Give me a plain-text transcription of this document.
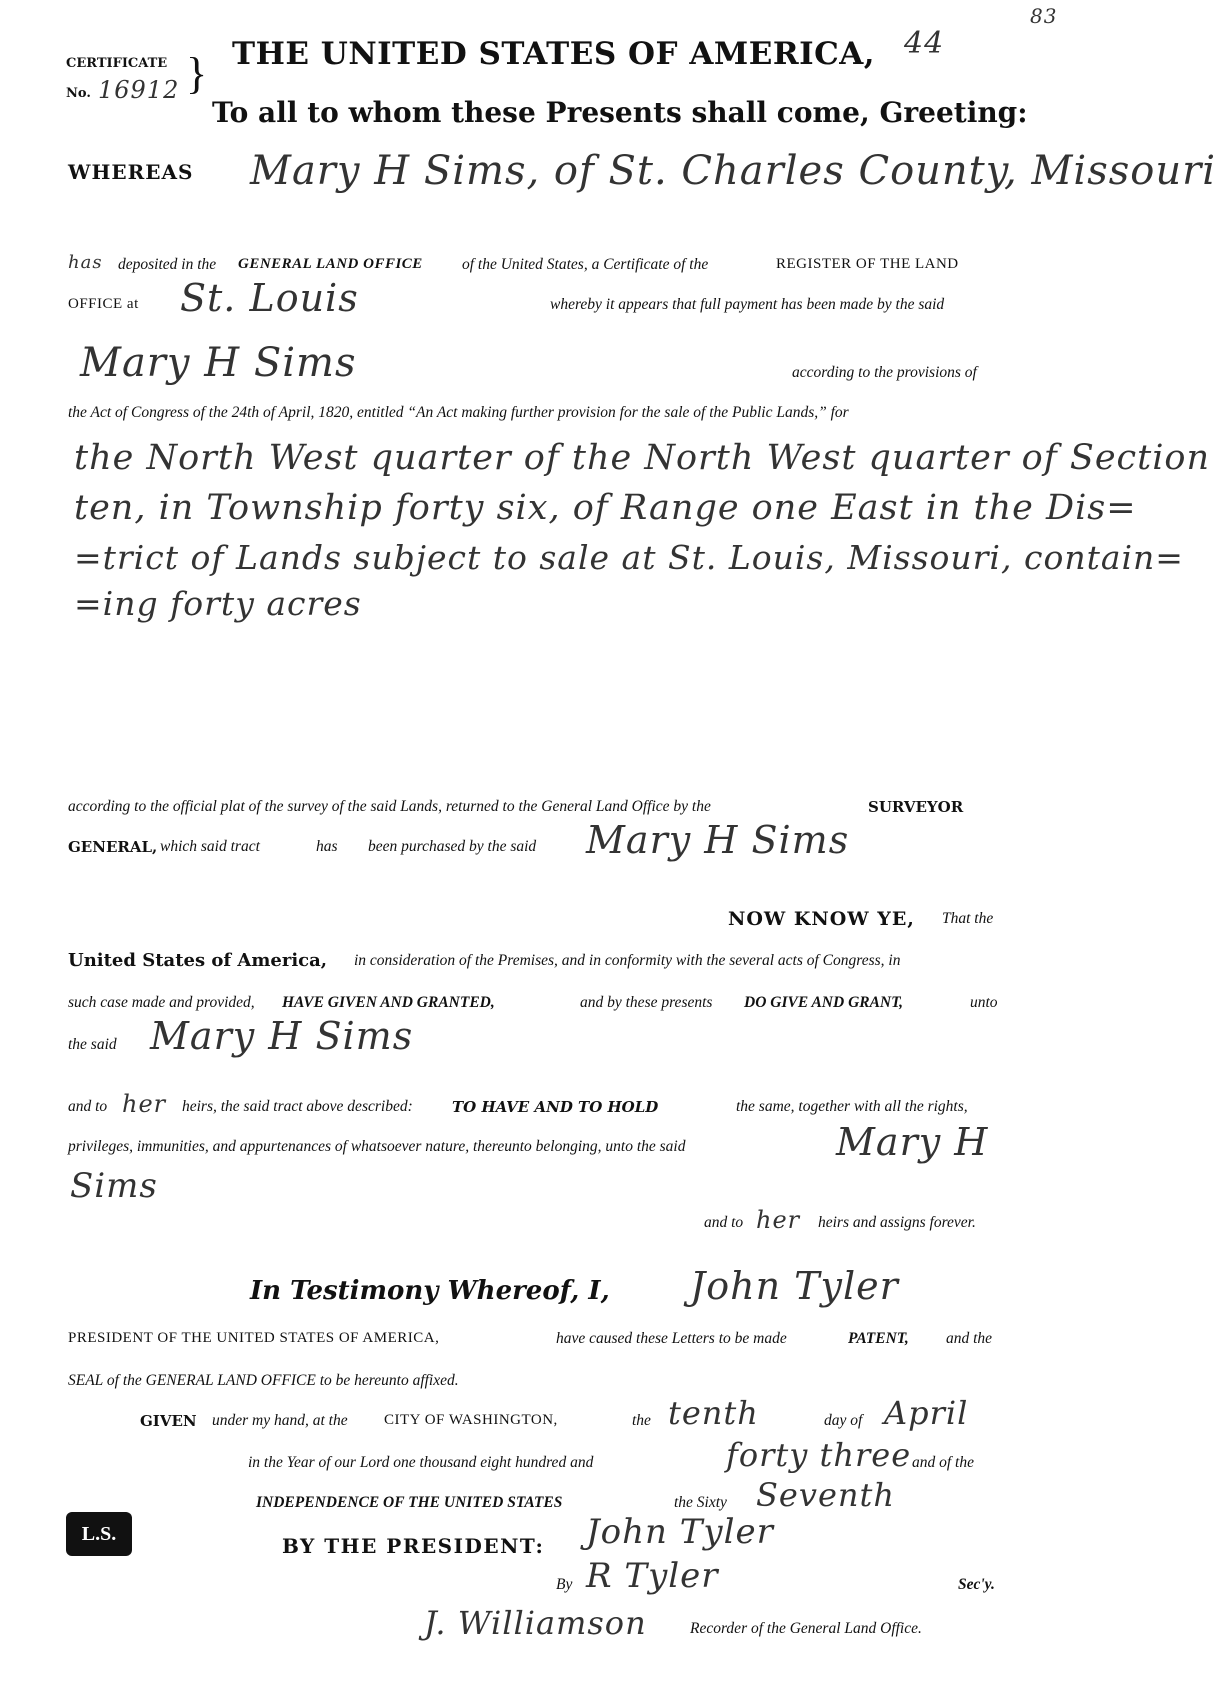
CERTIFICATE
No. 16912 }
44
83
THE UNITED STATES OF AMERICA,
To all to whom these Presents shall come, Greeting:
WHEREAS Mary H Sims, of St. Charles County, Missouri
has deposited in the GENERAL LAND OFFICE	of the United States, a Certificate of the	REGISTER OF THE LAND
OFFICE at St. Louis	whereby it appears that full payment has been made by the said
Mary H Sims	according to the provisions of
the Act of Congress of the 24th of April, 1820, entitled “An Act making further provision for the sale of the Public Lands,” for
the North West quarter of the North West quarter of Section
ten, in Township forty six, of Range one East in the Dis=
=trict of Lands subject to sale at St. Louis, Missouri, contain=
=ing forty acres
according to the official plat of the survey of the said Lands, returned to the General Land Office by the	SURVEYOR
GENERAL, which said tract	has been purchased by the said Mary H Sims
NOW KNOW YE, That the
United States of America, in consideration of the Premises, and in conformity with the several acts of Congress, in
such case made and provided, HAVE GIVEN AND GRANTED,	and by these presents DO GIVE AND GRANT,	unto
the said Mary H Sims
and to her heirs, the said tract above described:	TO HAVE AND TO HOLD	the same, together with all the rights,
privileges, immunities, and appurtenances of whatsoever nature, thereunto belonging, unto the said	Mary H
Sims
and to her heirs and assigns forever.
In Testimony Whereof, I, John Tyler
PRESIDENT OF THE UNITED STATES OF AMERICA,	have caused these Letters to be made	PATENT, and the
SEAL of the GENERAL LAND OFFICE to be hereunto affixed.
GIVEN under my hand, at the CITY OF WASHINGTON,	the tenth	day of April
in the Year of our Lord one thousand eight hundred and	forty three and of the
INDEPENDENCE OF THE UNITED STATES	the Sixty Seventh
L.S.
BY THE PRESIDENT: John Tyler
By R Tyler	Sec'y.
J. Williamson	Recorder of the General Land Office.
